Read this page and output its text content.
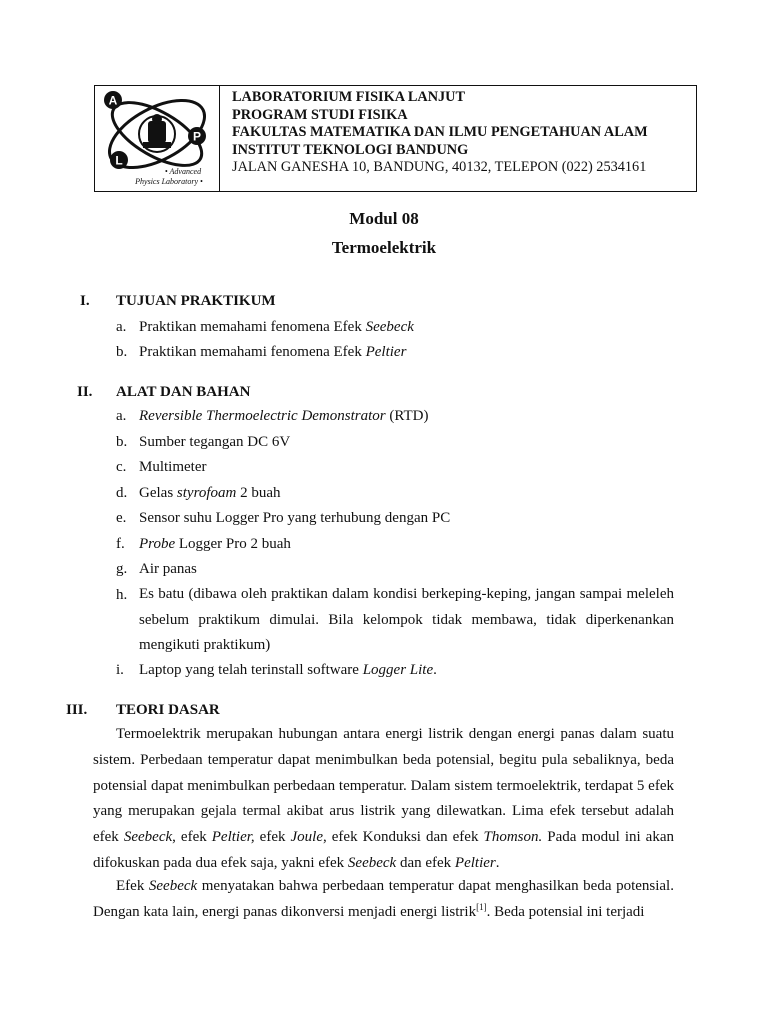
A
P
L
• Advanced
Physics Laboratory •
LABORATORIUM FISIKA LANJUT
PROGRAM STUDI FISIKA
FAKULTAS MATEMATIKA DAN ILMU PENGETAHUAN ALAM
INSTITUT TEKNOLOGI BANDUNG
JALAN GANESHA 10, BANDUNG, 40132, TELEPON (022) 2534161
Modul 08
Termoelektrik
I. TUJUAN PRAKTIKUM
a. Praktikan memahami fenomena Efek Seebeck
b. Praktikan memahami fenomena Efek Peltier
II. ALAT DAN BAHAN
a. Reversible Thermoelectric Demonstrator (RTD)
b. Sumber tegangan DC 6V
c. Multimeter
d. Gelas styrofoam 2 buah
e. Sensor suhu Logger Pro yang terhubung dengan PC
f. Probe Logger Pro 2 buah
g. Air panas
h. Es batu (dibawa oleh praktikan dalam kondisi berkeping-keping, jangan sampai meleleh sebelum praktikum dimulai. Bila kelompok tidak membawa, tidak diperkenankan mengikuti praktikum)
i. Laptop yang telah terinstall software Logger Lite.
III. TEORI DASAR
Termoelektrik merupakan hubungan antara energi listrik dengan energi panas dalam suatu sistem. Perbedaan temperatur dapat menimbulkan beda potensial, begitu pula sebaliknya, beda potensial dapat menimbulkan perbedaan temperatur. Dalam sistem termoelektrik, terdapat 5 efek yang merupakan gejala termal akibat arus listrik yang dilewatkan. Lima efek tersebut adalah efek Seebeck, efek Peltier, efek Joule, efek Konduksi dan efek Thomson. Pada modul ini akan difokuskan pada dua efek saja, yakni efek Seebeck dan efek Peltier.
Efek Seebeck menyatakan bahwa perbedaan temperatur dapat menghasilkan beda potensial. Dengan kata lain, energi panas dikonversi menjadi energi listrik[1]. Beda potensial ini terjadi
